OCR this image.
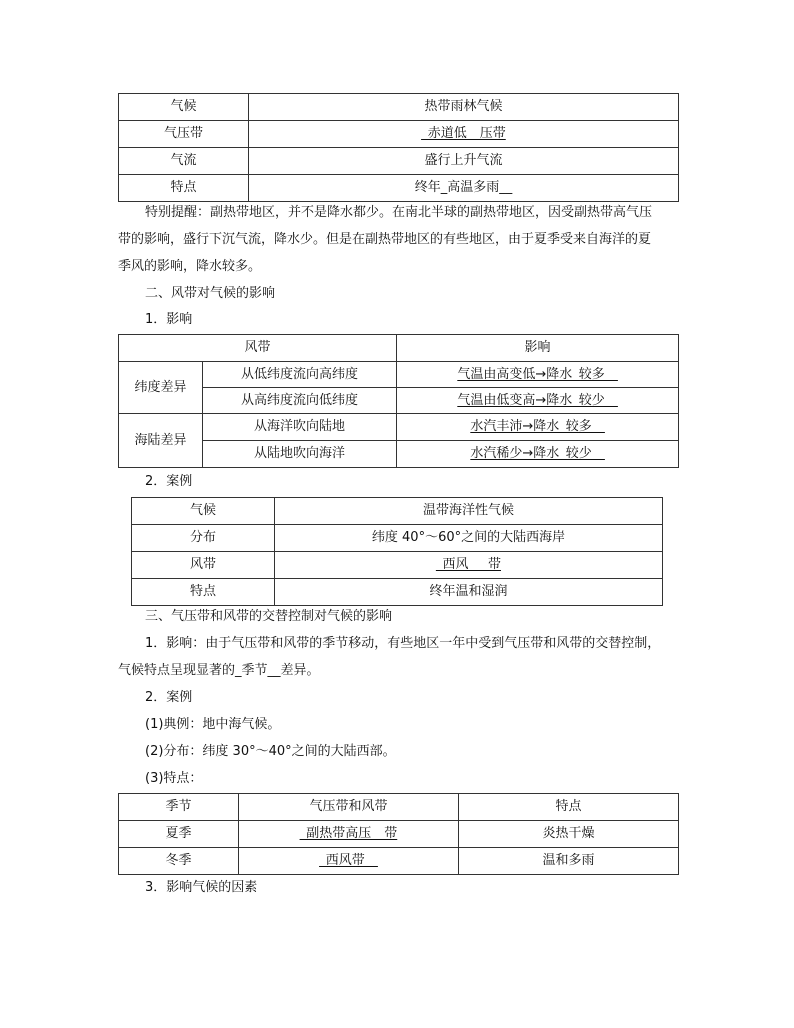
气候	热带雨林气候
气压带	_赤道低__压带
气流	盛行上升气流
特点	终年_高温多雨__
特别提醒：副热带地区，并不是降水都少。在南北半球的副热带地区，因受副热带高气压
带的影响，盛行下沉气流，降水少。但是在副热带地区的有些地区，由于夏季受来自海洋的夏
季风的影响，降水较多。
二、风带对气候的影响
1．影响
风带		影响
纬度差异	从低纬度流向高纬度	气温由高变低→降水_较多__
	从高纬度流向低纬度	气温由低变高→降水_较少__
海陆差异	从海洋吹向陆地	水汽丰沛→降水_较多__
	从陆地吹向海洋	水汽稀少→降水_较少__
2．案例
气候	温带海洋性气候
分布	纬度 40°～60°之间的大陆西海岸
风带	_西风___带
特点	终年温和湿润
三、气压带和风带的交替控制对气候的影响
1．影响：由于气压带和风带的季节移动，有些地区一年中受到气压带和风带的交替控制，
气候特点呈现显著的_季节__差异。
2．案例
(1)典例：地中海气候。
(2)分布：纬度 30°～40°之间的大陆西部。
(3)特点：
季节	气压带和风带	特点
夏季	_副热带高压__带	炎热干燥
冬季	_西风带__	温和多雨
3．影响气候的因素
